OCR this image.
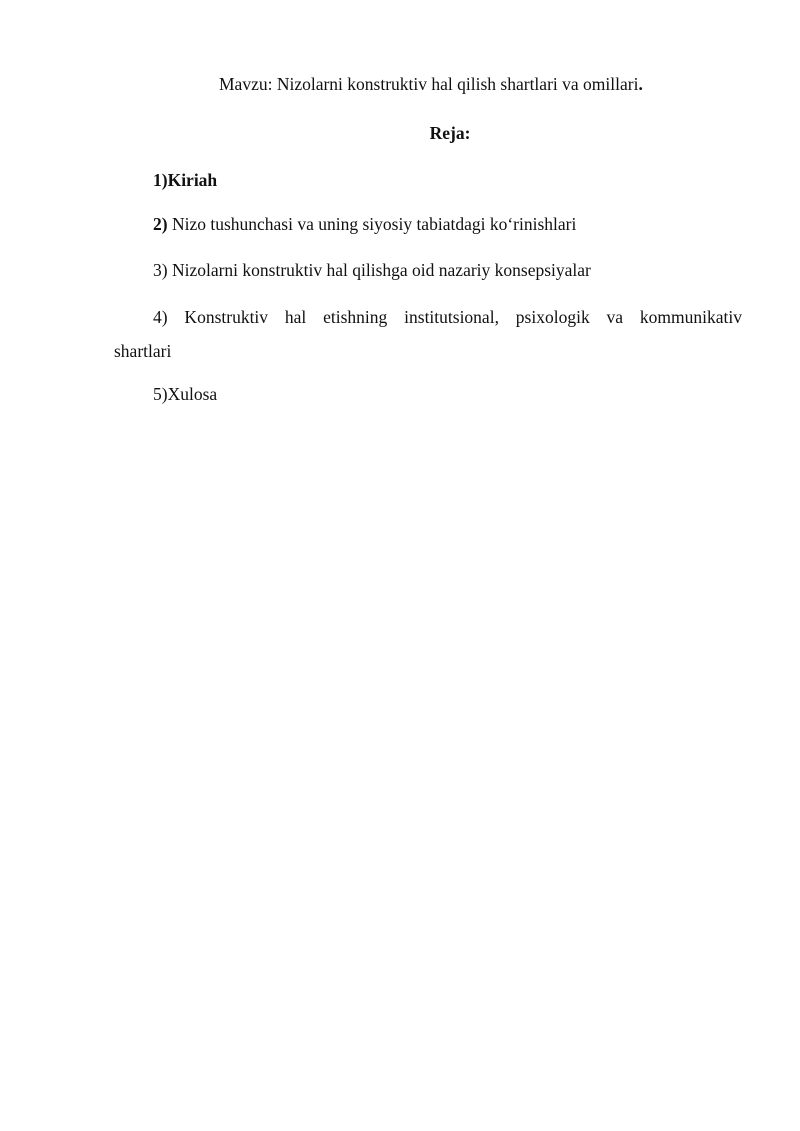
Mavzu: Nizolarni konstruktiv hal qilish shartlari va omillari.
Reja:
1)Kiriah
2) Nizo tushunchasi va uning siyosiy tabiatdagi ko‘rinishlari
3) Nizolarni konstruktiv hal qilishga oid nazariy konsepsiyalar
4) Konstruktiv hal etishning institutsional, psixologik va kommunikativ
shartlari
5)Xulosa
